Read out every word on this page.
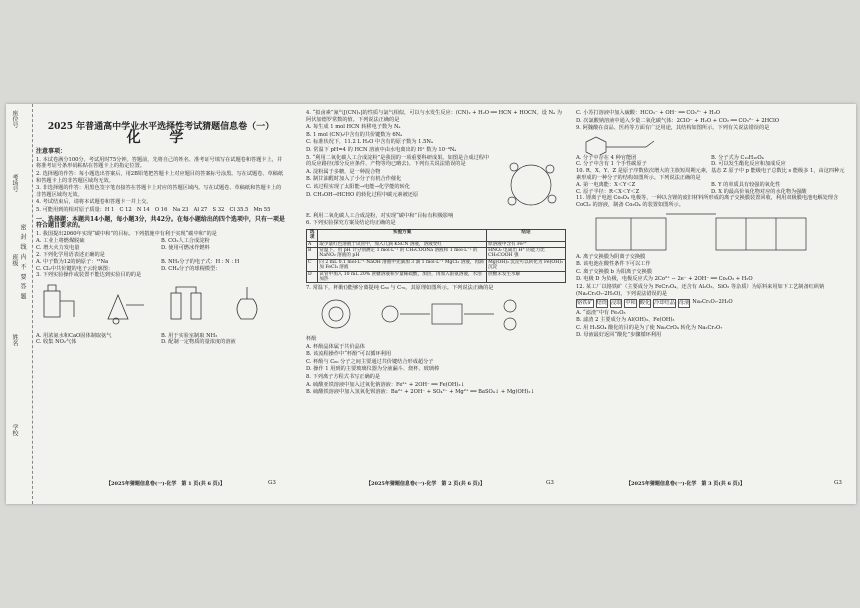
座位号
考场号
班级
姓名
学校
密 封 线 内 不 要 答 题
2025 年普通高中学业水平选择性考试猜题信息卷（一）
化 学
注意事项：

1. 本试卷满分100分，考试用时75分钟。答题前，先将自己的姓名、准考证号填写在试题卷和答题卡上，并将准考证号条形码粘贴在答题卡上的指定位置。

2. 选择题的作答：每小题选出答案后，用2B铅笔把答题卡上对应题目的答案标号涂黑。写在试题卷、草稿纸和答题卡上的非答题区域均无效。

3. 非选择题的作答：用黑色签字笔直接答在答题卡上对应的答题区域内。写在试题卷、草稿纸和答题卡上的非答题区域均无效。

4. 考试结束后，请将本试题卷和答题卡一并上交。

5. 可能用到的相对原子质量：H 1　C 12　N 14　O 16　Na 23　Al 27　S 32　Cl 35.5　Mn 55

一、选择题：本题共14小题，每小题3分，共42分。在每小题给出的四个选项中，只有一项是符合题目要求的。

1. 我国提出2060年实现“碳中和”的目标。下列措施中有利于实现“碳中和”的是

A. 工业上将燃煤脱硫	B. CO₂人工合成淀粉
C. 增大火力发电量	D. 使用可燃冰作燃料

2. 下列化学用语表述正确的是

A. 中子数为12的钠原子：¹²Na	B. NH₃分子的电子式：H : N : H
C. Cl₂中共价键的电子云轮廓图：	D. CH₄分子的球棍模型：

3. 下列实验操作或装置不能达到实验目的的是

A. 用浓氨水和CaO固体制取氨气	B. 用于实验室制取 NH₃
C. 收集 NO₂气体	D. 配制一定物质的量浓度的溶液

4. “拟卤素”氰气[(CN)₂]的性质与氯气相似，可以与水发生反应：(CN)₂ + H₂O ══ HCN + HOCN。设 Nₐ 为阿伏加德罗常数的值。下列说法正确的是

A. 每生成 1 mol HCN 转移电子数为 Nₐ

B. 1 mol (CN)₂中含有的共价键数为 6Nₐ

C. 标准状况下，11.2 L H₂O 中含有的原子数为 1.5Nₐ

D. 常温下 pH=4 的 HCN 溶液中由水电离出的 H⁺ 数为 10⁻⁴Nₐ

5. “利用二氧化碳人工合成淀粉”是我国的一项重要科研成果。如图是合成过程中的反应路径(部分反应条件、产物等均已略去)。下列有关说法错误的是

A. 淀粉属于多糖，是一种混合物

B. 制甘油醛时加入了小分子有机合作催化

C. 该过程实现了太阳能→电能→化学能的转化

D. CH₃OH→HCHO 的转化过程中碳元素被还原

E. 利用二氧化碳人工合成淀粉，对实现“碳中和”目标有积极影响

6. 下列实验探究方案及结论均正确的是

选项	实验方案	结论
A	取少量红色溶液于试管中，加入几滴 KSCN 溶液，溶液变红	原溶液中含有 Fe³⁺
B	常温下，用 pH 计分别测定 1 mol·L⁻¹ 的 CH₃COONa 溶液和 1 mol·L⁻¹ 的 NaNO₂ 溶液的 pH	HNO₂ 电离出 H⁺ 的能力比 CH₃COOH 强
C	向 2 mL 0.1 mol·L⁻¹ NaOH 溶液中先滴加 3 滴 1 mol·L⁻¹ MgCl₂ 溶液，再滴加 FeCl₃ 溶液	Mg(OH)₂ 沉淀可以转化为 Fe(OH)₃ 沉淀
D	试管中加入 10 mL 20% 蔗糖溶液和少量稀硫酸，加热，再加入银氨溶液，水浴加热	蔗糖未发生水解

7. 常温下，杯酚()能够分离提纯 C₆₀ 与 C₇₀，其原理如图所示。下列说法正确的是

杯酚

A. 杯酚晶体属于共价晶体

B. 该流程操作中“杯酚”可以循环利用

C. 杯酚与 C₆₀ 分子之间主要通过共价键结合形成超分子

D. 操作 1 用到的主要玻璃仪器为分液漏斗、烧杯、玻璃棒

8. 下列离子方程式书写正确的是

A. 硫酸亚铁溶液中加入过氧化钠溶液：Fe²⁺ + 2OH⁻ ══ Fe(OH)₂↓

B. 硫酸铁溶液中加入氢氧化钡溶液：Ba²⁺ + 2OH⁻ + SO₄²⁻ + Mg²⁺ ══ BaSO₄↓ + Mg(OH)₂↓

C. 小苏打溶液中加入硫酸：HCO₃⁻ + OH⁻ ══ CO₃²⁻ + H₂O

D. 次氯酸钠溶液中通入少量二氧化碳气体：2ClO⁻ + H₂O + CO₂ ══ CO₃²⁻ + 2HClO

9. 阿魏酸在食品、医药等方面有广泛用途，其结构如图所示。下列有关说法错误的是

A. 分子中存在 4 种官能团	B. 分子式为 C₁₀H₁₀O₄
C. 分子中含有 1 个手性碳原子	D. 可以发生酯化反应和加成反应

10. R、X、Y、Z 是原子序数依次增大的主族短周期元素，基态 Z 原子中 p 能级电子总数比 s 能级多 1，由这四种元素形成的一种分子的结构如图所示。下列说法正确的是

A. 第一电离能：X＜Y＜Z	B. Y 的单质具有较强的氧化性
C. 原子半径：R＜X＜Y＜Z	D. X 的最高价氧化物对应的水化物为强酸

11. 锂离子电池 Co₃O₄ 电极等，一种以含锂的废旧材料所形成的离子交换膜装置回收，利用双极膜电池电解处理含 CoCl₂ 的溶液，制备 Co₃O₄ 的装置如图所示。

A. 离子交换膜为阴离子交换膜

B. 该电池在酸性条件下可以工作

C. 离子交换膜 b 为阳离子交换膜

D. 电极 D 为负极，电极反应式为 2Co²⁺ − 2e⁻ + 2OH⁻ ══ Co₂O₃ + H₂O

12. 某工厂以铬铁矿（主要成分为 FeCr₂O₄，还含有 Al₂O₃、SiO₂ 等杂质）为原料来用如下工艺制备红矾钠(Na₂Cr₂O₇·2H₂O)。下列说法错误的是

铬铁矿 焙烧 浸取 中和 酸化 冷却结晶 母液 Na₂Cr₂O₇·2H₂O

A. “滤渣”中有 Fe₂O₃

B. 滤渣 2 主要成分为 Al(OH)₃、Fe(OH)₃

C. 用 H₂SO₄ 酸化的目的是为了使 Na₂CrO₄ 转化为 Na₂Cr₂O₇

D. 母液最好返回“酸化”步骤循环利用

【2025年猜题信息卷(一)·化学　第 1 页(共 6 页)】	G3	【2025年猜题信息卷(一)·化学　第 2 页(共 6 页)】	G3	【2025年猜题信息卷(一)·化学　第 3 页(共 6 页)】	G3
